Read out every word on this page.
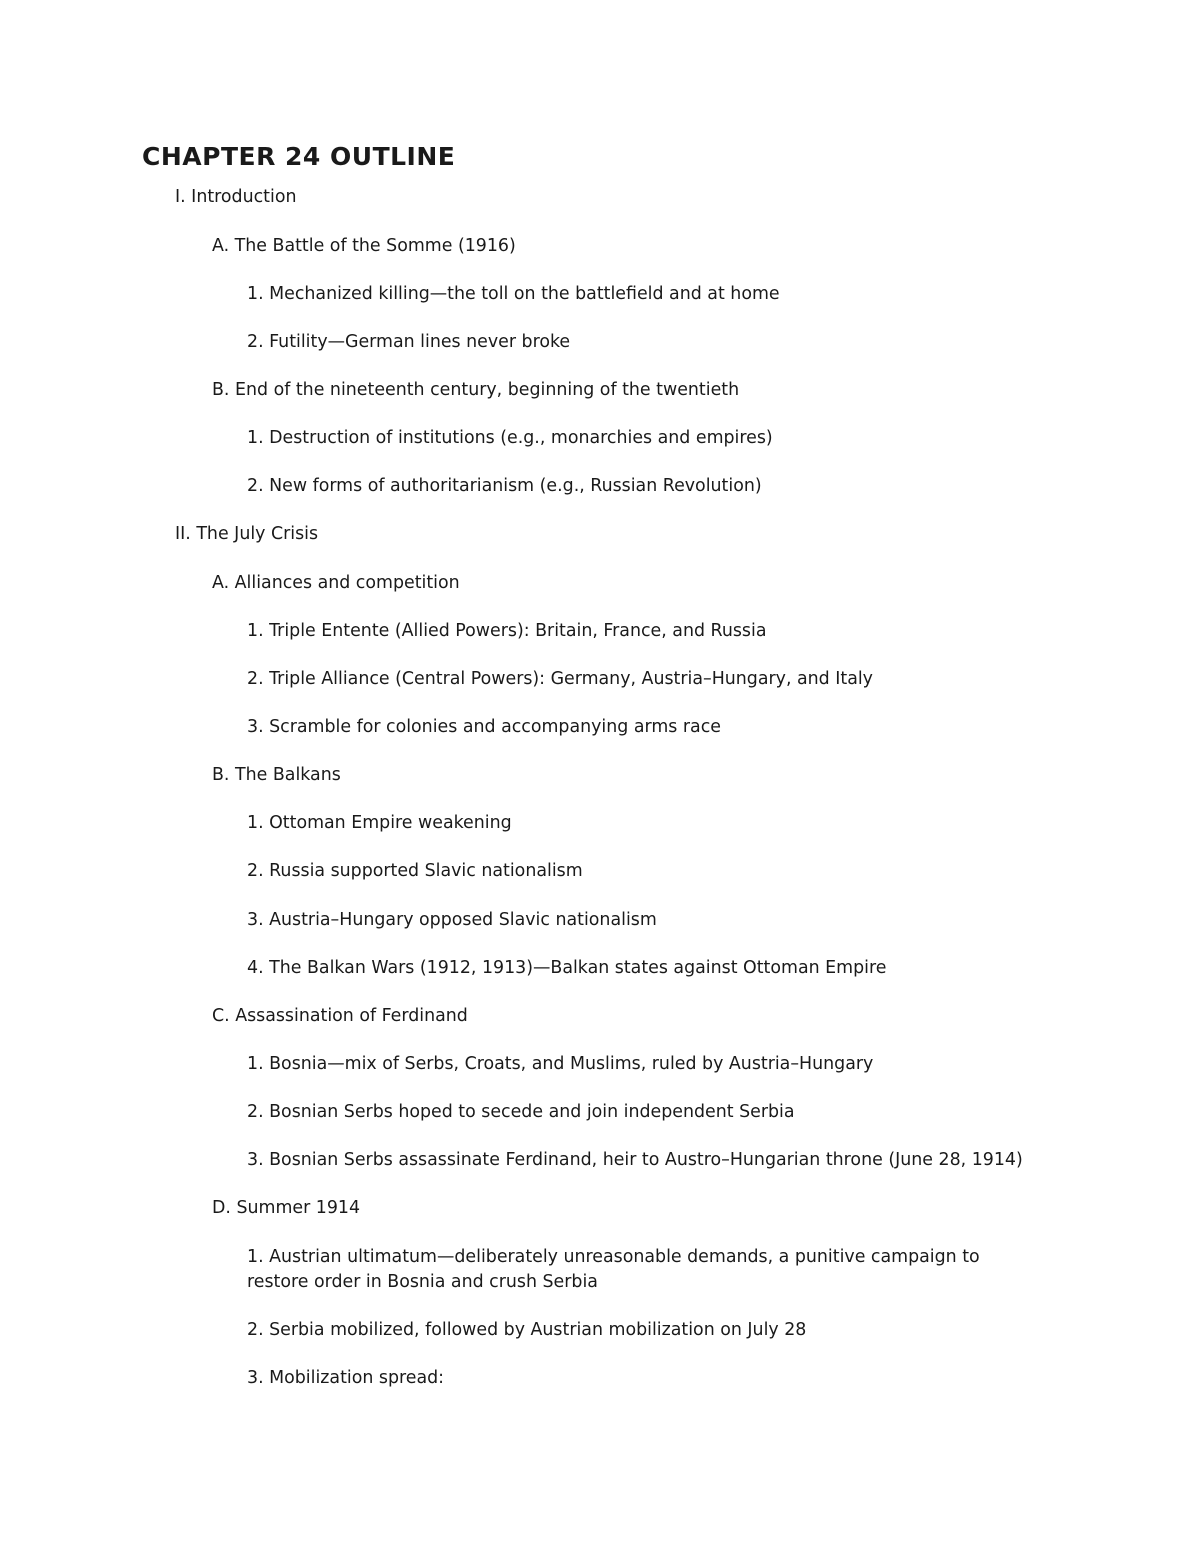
CHAPTER 24 OUTLINE

I. Introduction

A. The Battle of the Somme (1916)

1. Mechanized killing—the toll on the battlefield and at home

2. Futility—German lines never broke

B. End of the nineteenth century, beginning of the twentieth

1. Destruction of institutions (e.g., monarchies and empires)

2. New forms of authoritarianism (e.g., Russian Revolution)

II. The July Crisis

A. Alliances and competition

1. Triple Entente (Allied Powers): Britain, France, and Russia

2. Triple Alliance (Central Powers): Germany, Austria–Hungary, and Italy

3. Scramble for colonies and accompanying arms race

B. The Balkans

1. Ottoman Empire weakening

2. Russia supported Slavic nationalism

3. Austria–Hungary opposed Slavic nationalism

4. The Balkan Wars (1912, 1913)—Balkan states against Ottoman Empire

C. Assassination of Ferdinand

1. Bosnia—mix of Serbs, Croats, and Muslims, ruled by Austria–Hungary

2. Bosnian Serbs hoped to secede and join independent Serbia

3. Bosnian Serbs assassinate Ferdinand, heir to Austro–Hungarian throne (June 28, 1914)

D. Summer 1914

1. Austrian ultimatum—deliberately unreasonable demands, a punitive campaign to restore order in Bosnia and crush Serbia

2. Serbia mobilized, followed by Austrian mobilization on July 28

3. Mobilization spread:
